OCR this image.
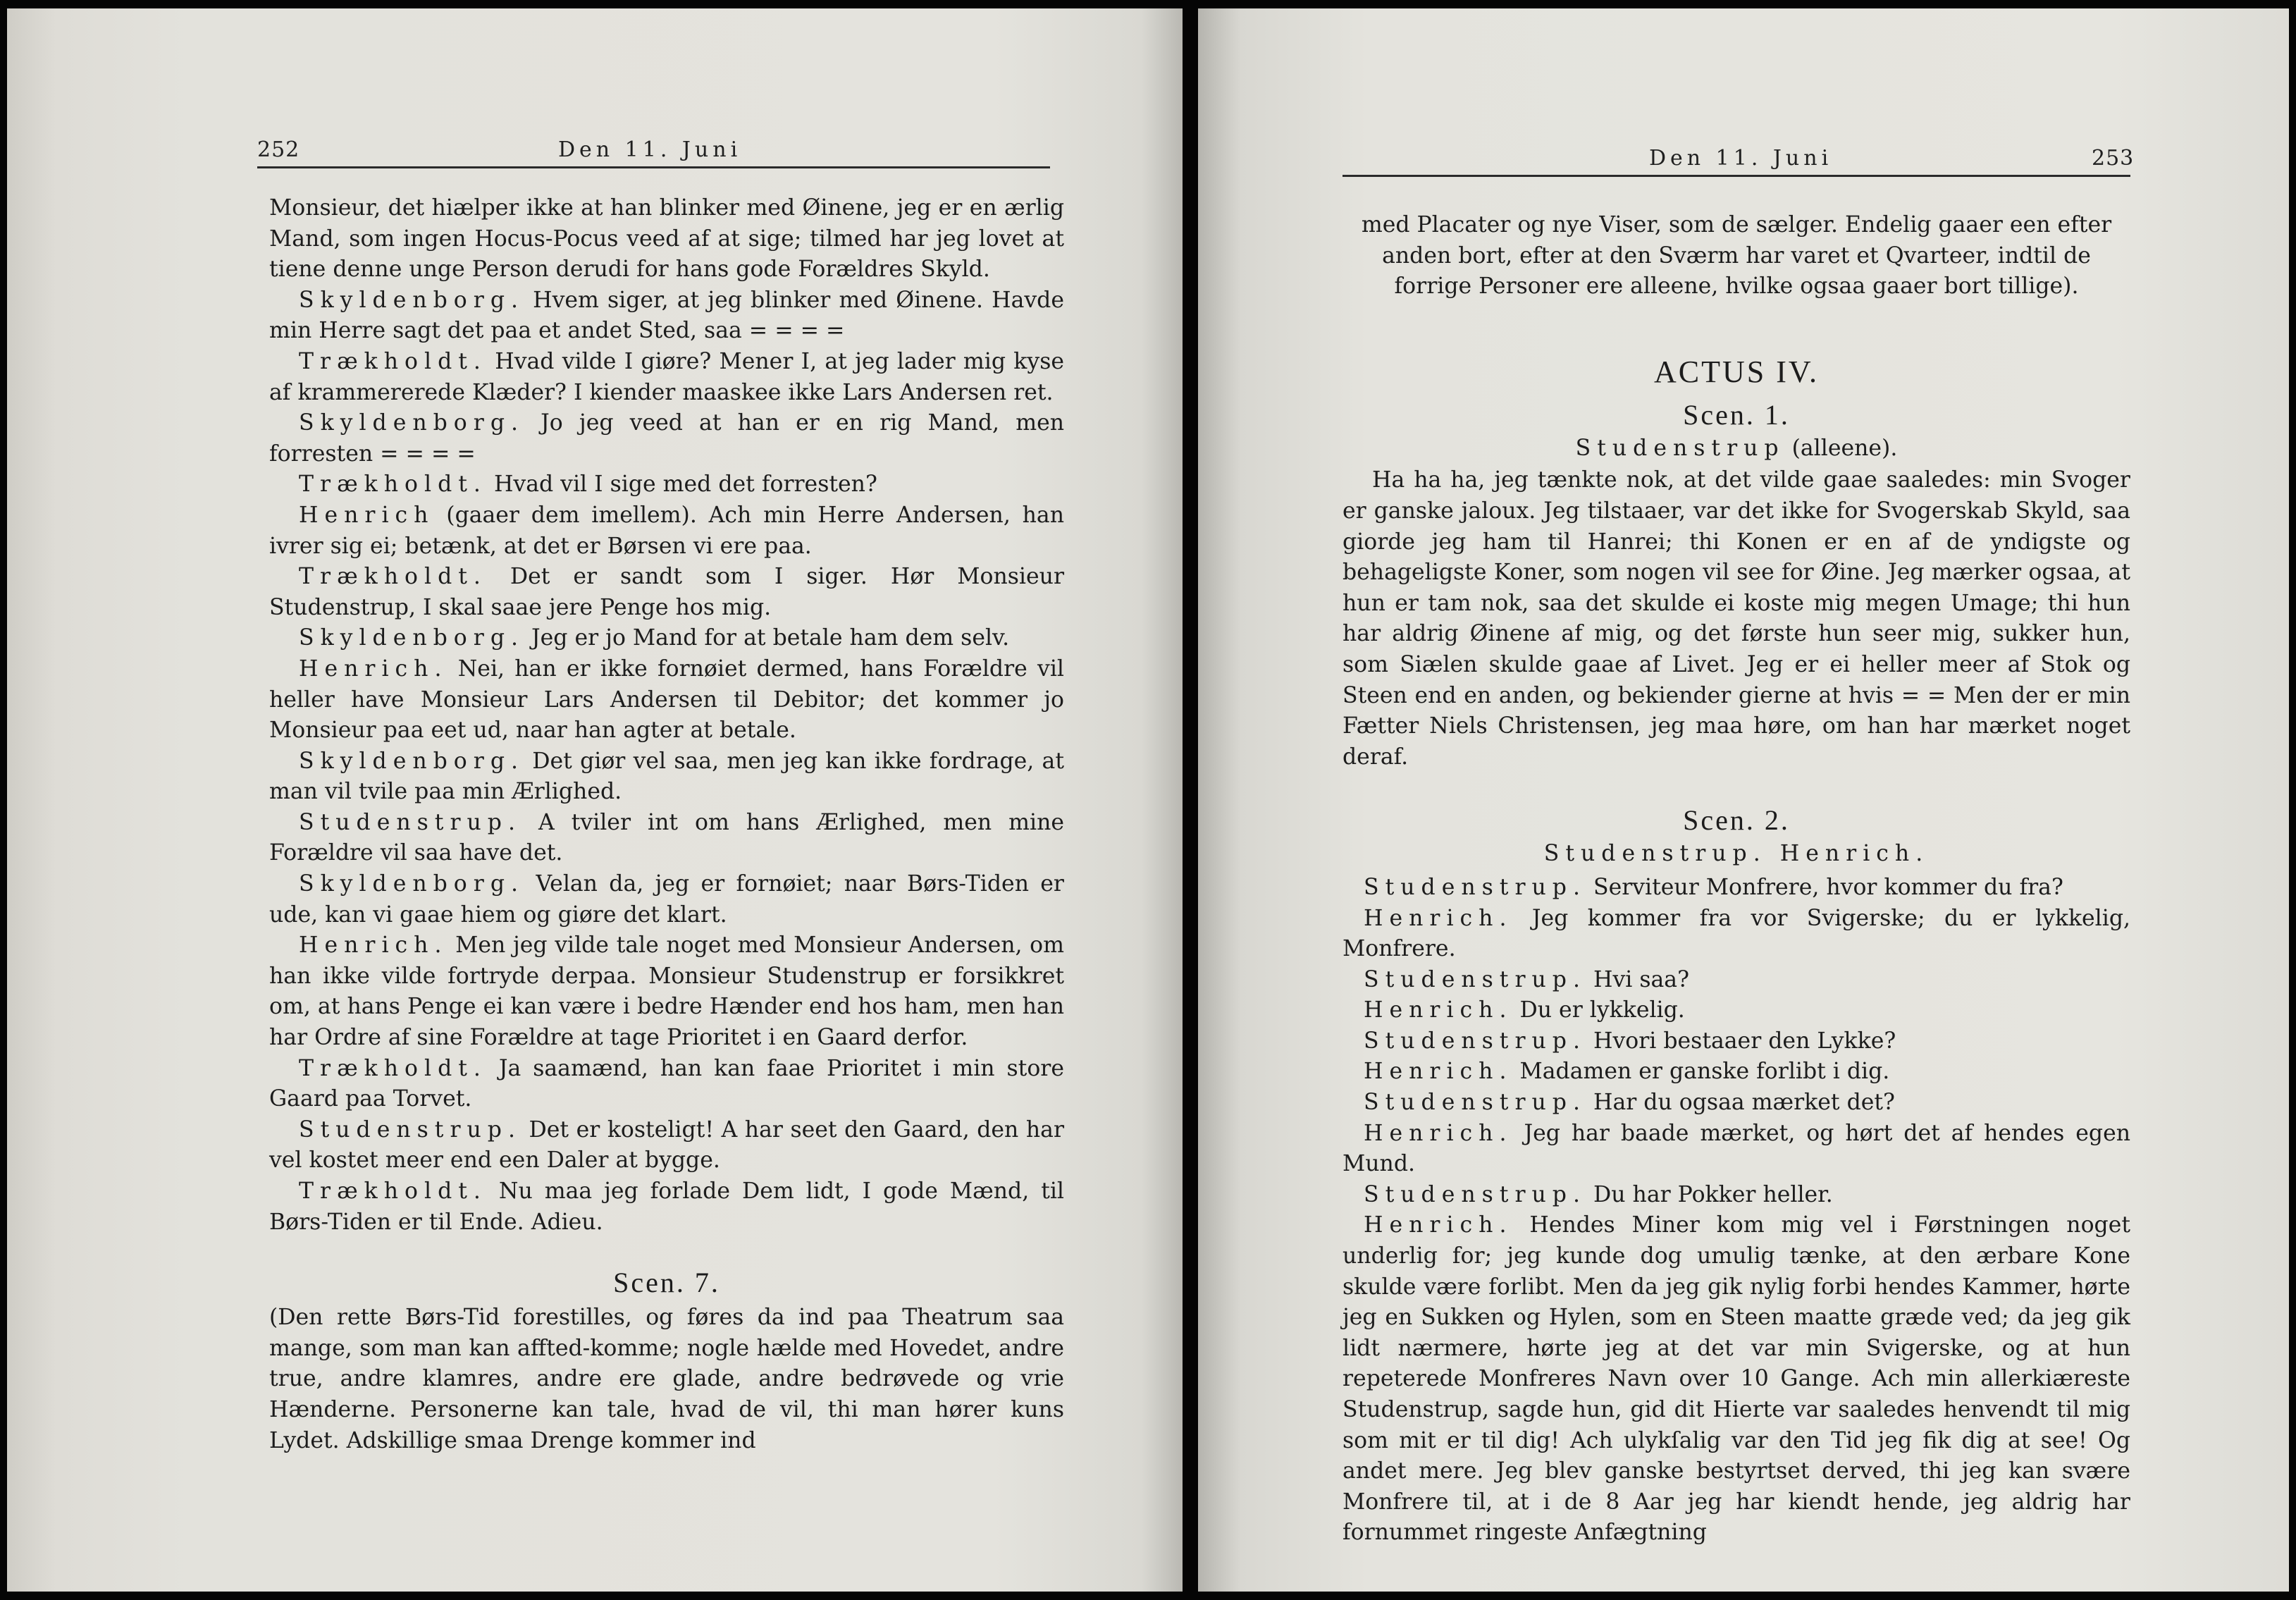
252	Den 11. Juni

Monsieur, det hiælper ikke at han blinker med Øinene, jeg er en ærlig Mand, som ingen Hocus-Pocus veed af at sige; tilmed har jeg lovet at tiene denne unge Person derudi for hans gode Forældres Skyld.

Skyldenborg. Hvem siger, at jeg blinker med Øinene. Havde min Herre sagt det paa et andet Sted, saa = = = =

Trækholdt. Hvad vilde I giøre? Mener I, at jeg lader mig kyse af krammererede Klæder? I kiender maaskee ikke Lars Andersen ret.

Skyldenborg. Jo jeg veed at han er en rig Mand, men forresten = = = =

Trækholdt. Hvad vil I sige med det forresten?

Henrich (gaaer dem imellem). Ach min Herre Andersen, han ivrer sig ei; betænk, at det er Børsen vi ere paa.

Trækholdt. Det er sandt som I siger. Hør Monsieur Studenstrup, I skal saae jere Penge hos mig.

Skyldenborg. Jeg er jo Mand for at betale ham dem selv.

Henrich. Nei, han er ikke fornøiet dermed, hans Forældre vil heller have Monsieur Lars Andersen til Debitor; det kommer jo Monsieur paa eet ud, naar han agter at betale.

Skyldenborg. Det giør vel saa, men jeg kan ikke fordrage, at man vil tvile paa min Ærlighed.

Studenstrup. A tviler int om hans Ærlighed, men mine Forældre vil saa have det.

Skyldenborg. Velan da, jeg er fornøiet; naar Børs-Tiden er ude, kan vi gaae hiem og giøre det klart.

Henrich. Men jeg vilde tale noget med Monsieur Andersen, om han ikke vilde fortryde derpaa. Monsieur Studenstrup er forsikkret om, at hans Penge ei kan være i bedre Hænder end hos ham, men han har Ordre af sine Forældre at tage Prioritet i en Gaard derfor.

Trækholdt. Ja saamænd, han kan faae Prioritet i min store Gaard paa Torvet.

Studenstrup. Det er kosteligt! A har seet den Gaard, den har vel kostet meer end een Daler at bygge.

Trækholdt. Nu maa jeg forlade Dem lidt, I gode Mænd, til Børs-Tiden er til Ende. Adieu.

Scen. 7.

(Den rette Børs-Tid forestilles, og føres da ind paa Theatrum saa mange, som man kan affted-komme; nogle hælde med Hovedet, andre true, andre klamres, andre ere glade, andre bedrøvede og vrie Hænderne. Personerne kan tale, hvad de vil, thi man hører kuns Lydet. Adskillige smaa Drenge kommer ind

Den 11. Juni	253

med Placater og nye Viser, som de sælger. Endelig gaaer een efter anden bort, efter at den Sværm har varet et Qvarteer, indtil de forrige Personer ere alleene, hvilke ogsaa gaaer bort tillige).

ACTUS IV.
Scen. 1.

Studenstrup (alleene).

Ha ha ha, jeg tænkte nok, at det vilde gaae saaledes: min Svoger er ganske jaloux. Jeg tilstaaer, var det ikke for Svogerskab Skyld, saa giorde jeg ham til Hanrei; thi Konen er en af de yndigste og behageligste Koner, som nogen vil see for Øine. Jeg mærker ogsaa, at hun er tam nok, saa det skulde ei koste mig megen Umage; thi hun har aldrig Øinene af mig, og det første hun seer mig, sukker hun, som Siælen skulde gaae af Livet. Jeg er ei heller meer af Stok og Steen end en anden, og bekiender gierne at hvis = = Men der er min Fætter Niels Christensen, jeg maa høre, om han har mærket noget deraf.

Scen. 2.

Studenstrup. Henrich.

Studenstrup. Serviteur Monfrere, hvor kommer du fra?

Henrich. Jeg kommer fra vor Svigerske; du er lykkelig, Monfrere.

Studenstrup. Hvi saa?

Henrich. Du er lykkelig.

Studenstrup. Hvori bestaaer den Lykke?

Henrich. Madamen er ganske forlibt i dig.

Studenstrup. Har du ogsaa mærket det?

Henrich. Jeg har baade mærket, og hørt det af hendes egen Mund.

Studenstrup. Du har Pokker heller.

Henrich. Hendes Miner kom mig vel i Førstningen noget underlig for; jeg kunde dog umulig tænke, at den ærbare Kone skulde være forlibt. Men da jeg gik nylig forbi hendes Kammer, hørte jeg en Sukken og Hylen, som en Steen maatte græde ved; da jeg gik lidt nærmere, hørte jeg at det var min Svigerske, og at hun repeterede Monfreres Navn over 10 Gange. Ach min allerkiæreste Studenstrup, sagde hun, gid dit Hierte var saaledes henvendt til mig som mit er til dig! Ach ulykſalig var den Tid jeg fik dig at see! Og andet mere. Jeg blev ganske bestyrtset derved, thi jeg kan svære Monfrere til, at i de 8 Aar jeg har kiendt hende, jeg aldrig har fornummet ringeste Anfægtning
